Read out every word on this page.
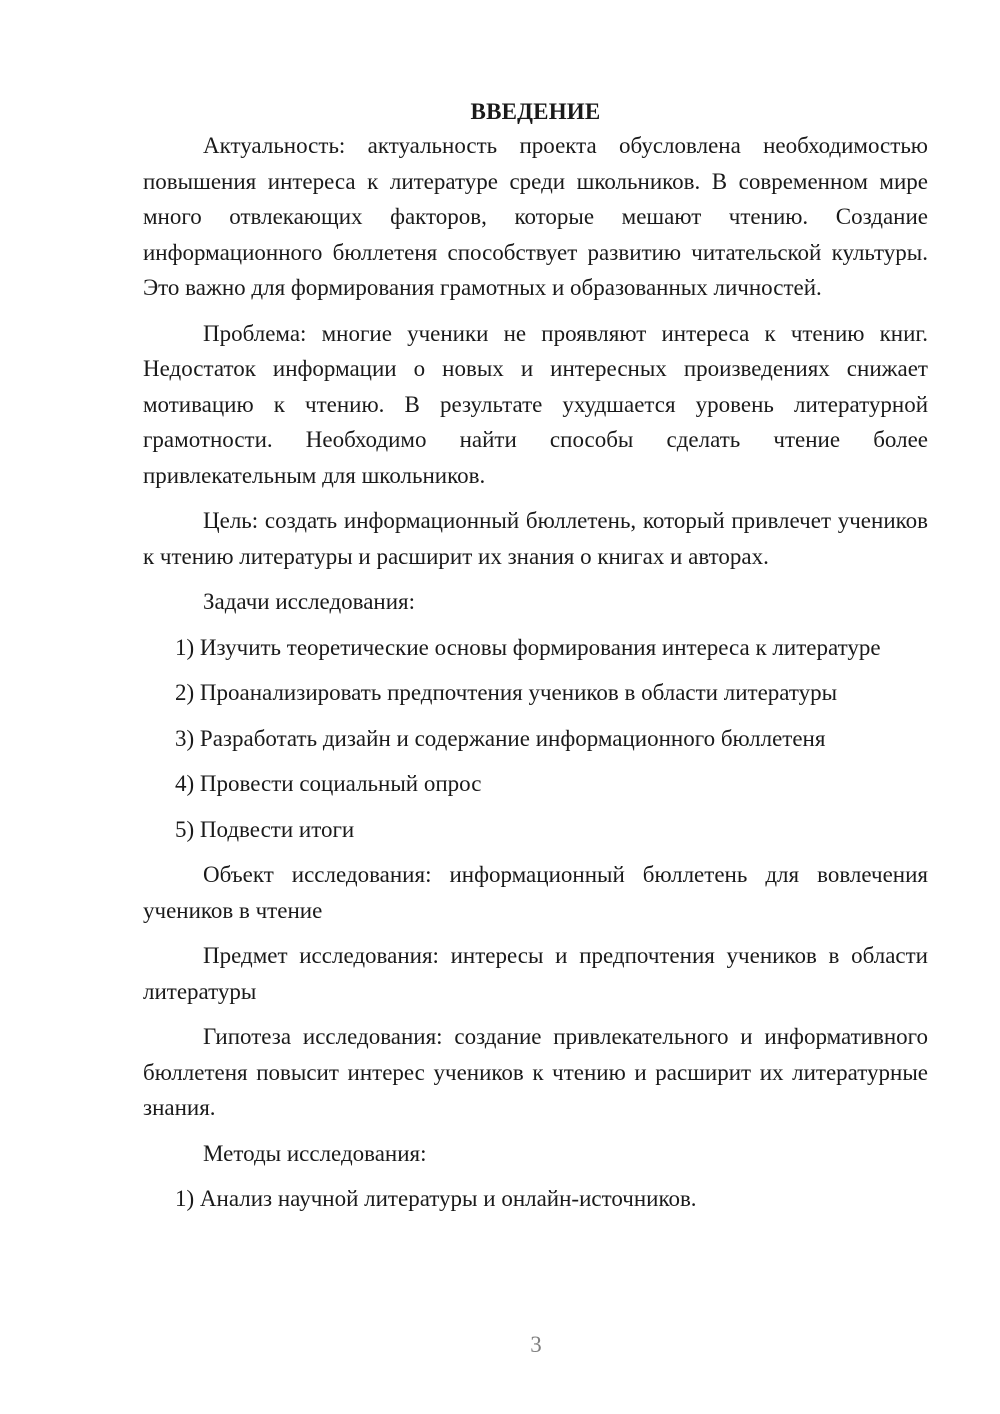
ВВЕДЕНИЕ

Актуальность: актуальность проекта обусловлена необходимостью повышения интереса к литературе среди школьников. В современном мире много отвлекающих факторов, которые мешают чтению. Создание информационного бюллетеня способствует развитию читательской культуры. Это важно для формирования грамотных и образованных личностей.

Проблема: многие ученики не проявляют интереса к чтению книг. Недостаток информации о новых и интересных произведениях снижает мотивацию к чтению. В результате ухудшается уровень литературной грамотности. Необходимо найти способы сделать чтение более привлекательным для школьников.

Цель: создать информационный бюллетень, который привлечет учеников к чтению литературы и расширит их знания о книгах и авторах.

Задачи исследования:

1) Изучить теоретические основы формирования интереса к литературе

2) Проанализировать предпочтения учеников в области литературы

3) Разработать дизайн и содержание информационного бюллетеня

4) Провести социальный опрос

5) Подвести итоги

Объект исследования: информационный бюллетень для вовлечения учеников в чтение

Предмет исследования: интересы и предпочтения учеников в области литературы

Гипотеза исследования: создание привлекательного и информативного бюллетеня повысит интерес учеников к чтению и расширит их литературные знания.

Методы исследования:

1) Анализ научной литературы и онлайн-источников.

3
